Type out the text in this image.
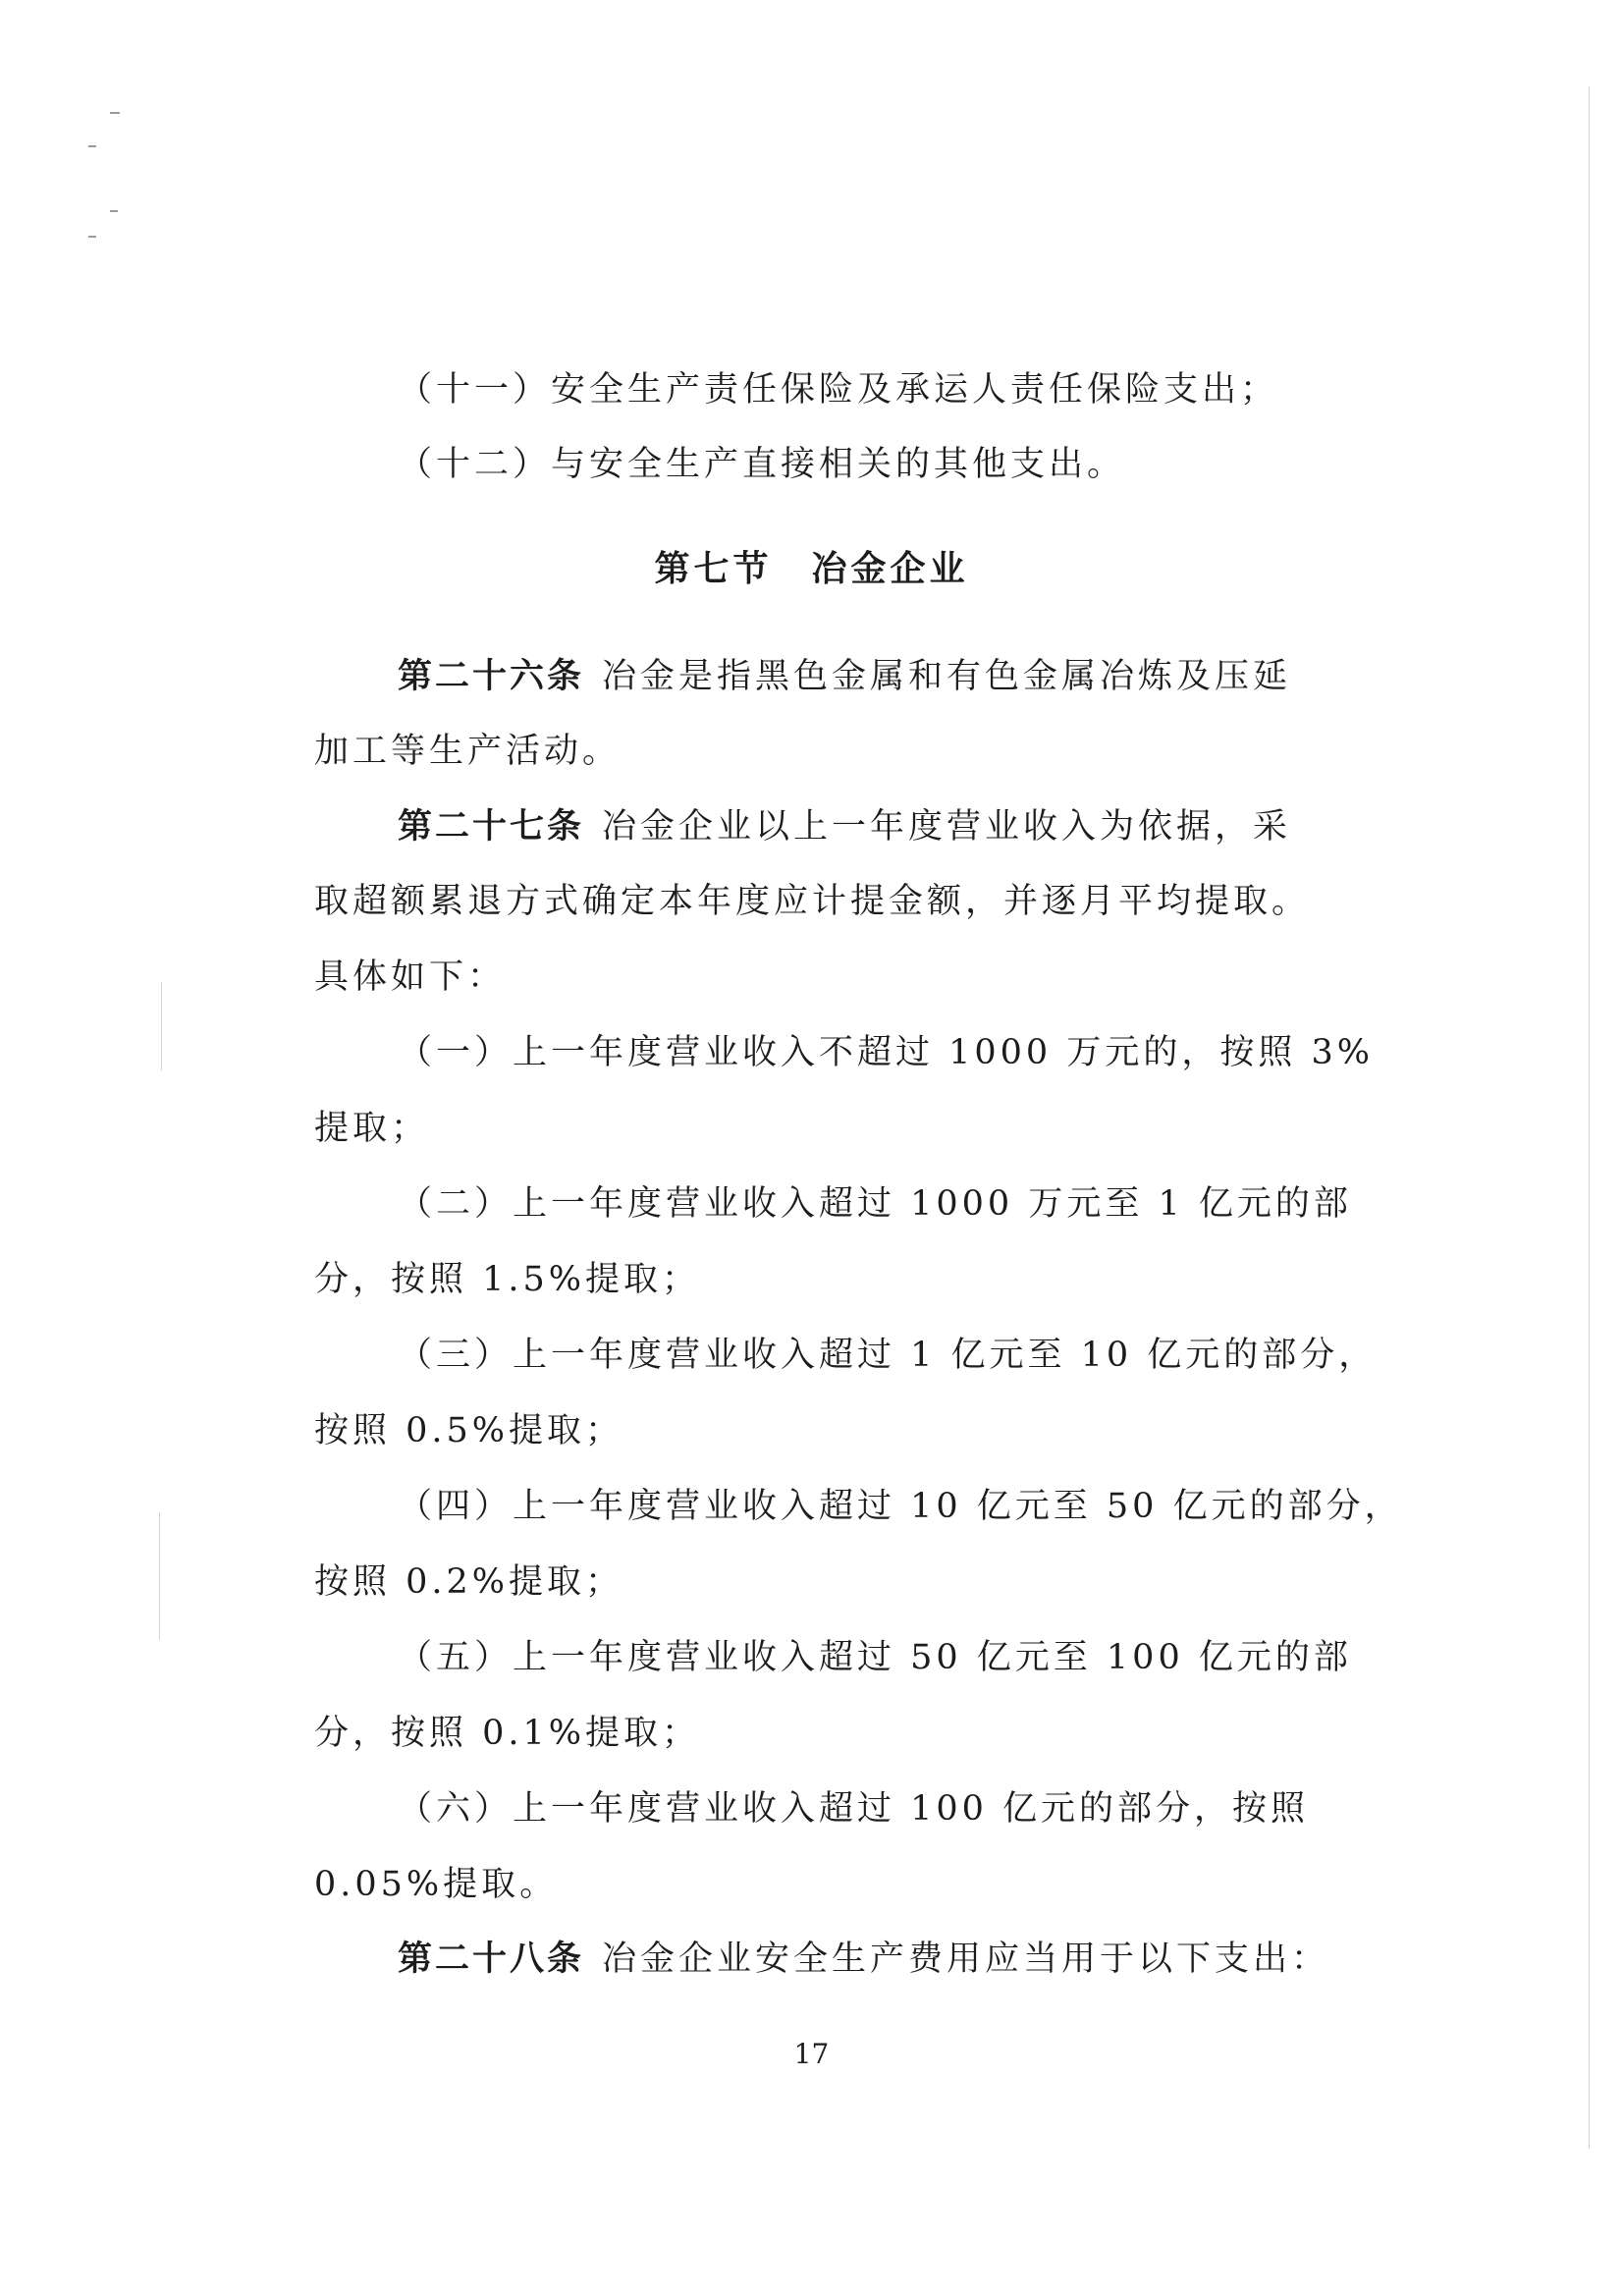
（十一）安全生产责任保险及承运人责任保险支出；
（十二）与安全生产直接相关的其他支出。
第七节　冶金企业
第二十六条 冶金是指黑色金属和有色金属冶炼及压延
加工等生产活动。
第二十七条 冶金企业以上一年度营业收入为依据，采
取超额累退方式确定本年度应计提金额，并逐月平均提取。
具体如下：
（一）上一年度营业收入不超过 1000 万元的，按照 3%
提取；
（二）上一年度营业收入超过 1000 万元至 1 亿元的部
分，按照 1.5%提取；
（三）上一年度营业收入超过 1 亿元至 10 亿元的部分，
按照 0.5%提取；
（四）上一年度营业收入超过 10 亿元至 50 亿元的部分，
按照 0.2%提取；
（五）上一年度营业收入超过 50 亿元至 100 亿元的部
分，按照 0.1%提取；
（六）上一年度营业收入超过 100 亿元的部分，按照
0.05%提取。
第二十八条 冶金企业安全生产费用应当用于以下支出：
17
